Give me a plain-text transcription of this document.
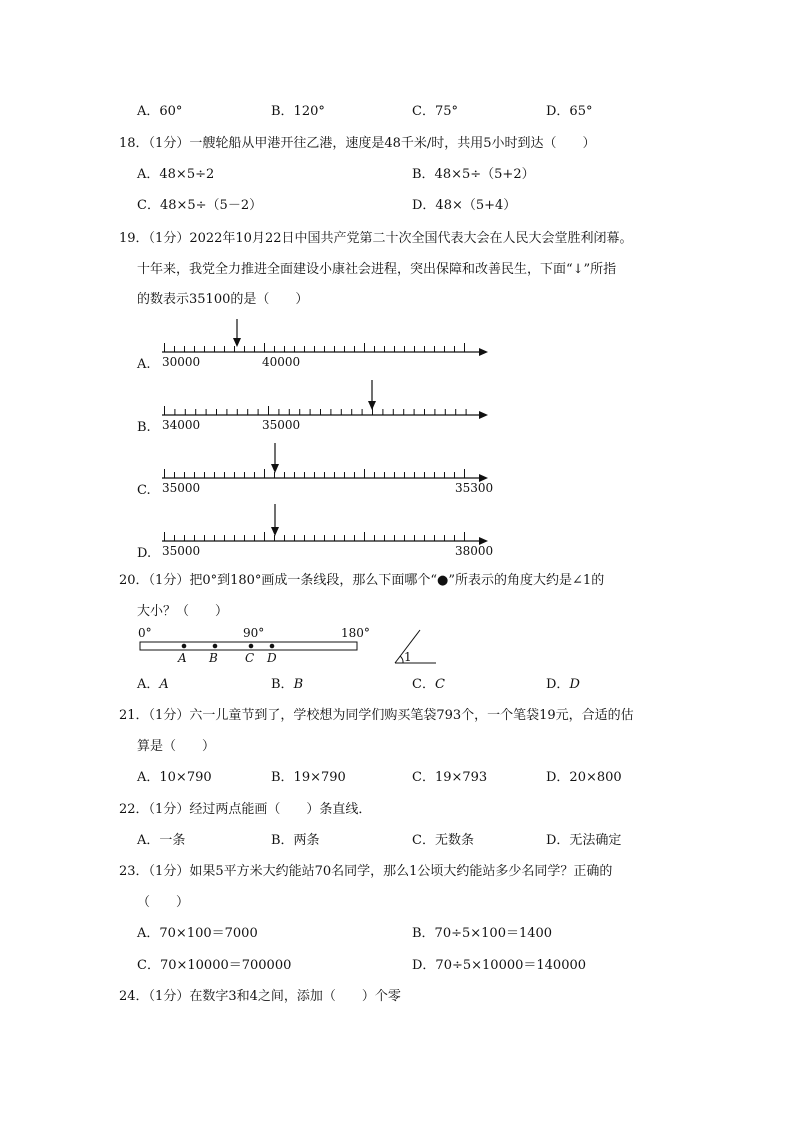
A．60°	B．120°	C．75°	D．65°
18．（1分）一艘轮船从甲港开往乙港，速度是48千米/时，共用5小时到达（　　）
A．48×5÷2	B．48×5÷（5+2）
C．48×5÷（5－2）	D．48×（5+4）
19．（1分）2022年10月22日中国共产党第二十次全国代表大会在人民大会堂胜利闭幕。
十年来，我党全力推进全面建设小康社会进程，突出保障和改善民生，下面“↓”所指
的数表示35100的是（　　）
A. 30000	40000
B. 34000	35000
C. 35000	35300
D. 35000	38000
20．（1分）把0°到180°画成一条线段，那么下面哪个“●”所表示的角度大约是∠1的
大小？（　　）
0°	90°	180°
A B C D	1
A．A	B．B	C．C	D．D
21．（1分）六一儿童节到了，学校想为同学们购买笔袋793个，一个笔袋19元，合适的估
算是（　　）
A．10×790	B．19×790	C．19×793	D．20×800
22．（1分）经过两点能画（　　）条直线．
A．一条	B．两条	C．无数条	D．无法确定
23．（1分）如果5平方米大约能站70名同学，那么1公顷大约能站多少名同学？正确的
（　　）
A．70×100＝7000	B．70÷5×100＝1400
C．70×10000＝700000	D．70÷5×10000＝140000
24．（1分）在数字3和4之间，添加（　　）个零
